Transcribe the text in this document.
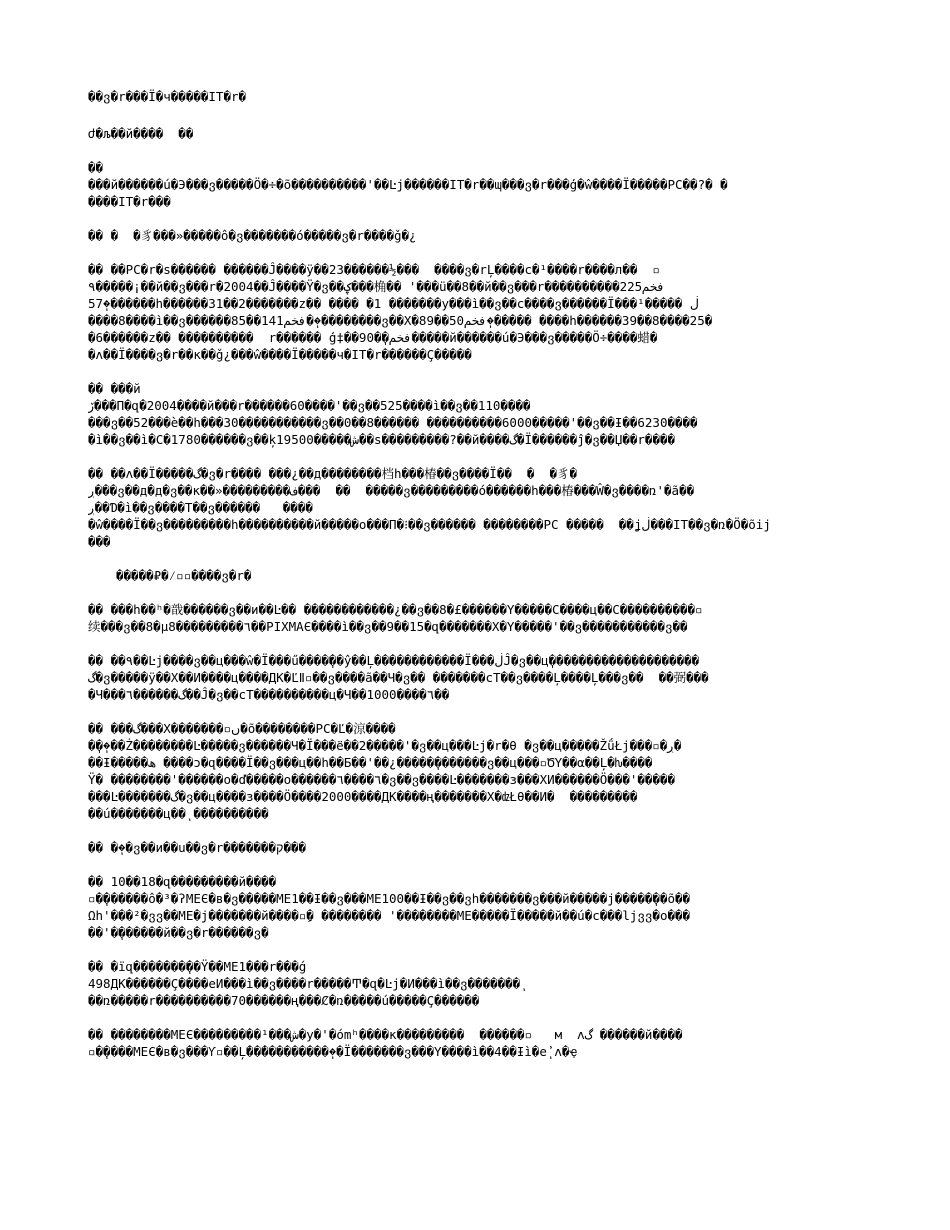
��ვ�r���Ï�ч�����IT�r�
ժ�љ��й����  ��
��
���й������ú�Э���ვ�����Ö�÷�õ����������'��Ŀj������IT�r��ɰ���ვ�r���ģ�ŵ����Ï�����PC��?� �
����IT�r���
�� �  �豸���»�����ô�ვ�������ό�����ვ�r����ǧ�¿
�� ��PC�r�ѕ������ ������Ĵ����ÿ��23������½���  ����ვ�rĻ����c�¹����r����л��  ▫
٩�����¡��й��ვ���r�2004��Ĵ����Ÿ�ვ��ؼ���桷�� '���ü��8��й��ვ���r����������225فخم
57�ٖ������h������31��2�������z�� ���� �1 �������у���ì��ვ��c����ვ������Ï���¹����� ڶ
����8����ì��ვ������85��141فخم��ٖ��������ვ��Х�89��50فخم�ٖ����� ����h������39��8����25�
�6������z�� ����������  r������ ģ‡��90�ٖ�فخم�����й������ú�Э���ვ�����Ö÷����蜡�
�ʌ��Ï����ვ�r��ĸ��ǧ¿���ŵ����Ï�����ч�IT�r������Ç�����
�� ���й
ڒ���Π�զ�2004����й���r������60����'��ვ��525����ì��ვ��110����
���ვ��52���ѐ��h���30�����������ვ��0��8������ ����������6000�����'��ვ��Ɨ��6230����
�ì��ვ��ì�C�1780������ვ��ķ19500�����ش��ѕ���������?��й����گ�Ï������ĵ�ვ��Џ��r����
�� ��ʌ��Ï�����گ�ვ�r���� ���¿��д��������档h���椿��ვ����Ï��  �  �豸�
ڔ���ვ��д�д�ვ��ĸ��»���������ف���  ��  �����ვ���������ό������h���椿���Ŵ�ვ����ռ'�ã��
ڔ��Ɗ�ì��ვ����Т��ვ������   ����
�ŵ����Ï��ვ���������h����������й�����о���П�⁝��ვ������ ��������PC �����  ��ʝڶ���IT��ვ�ռ�Ö�õіj
���
�����₽�⁄▫▫����ვ�r�
�� ���h��ʰ�戠������ვ��и��Ŀ�� ������������¿��ვ��8�£������Y�����C����ц��C����������▫
续���ვ��8�µ8���������٦��PIXMAЄ����ì��ვ��9��15�զ�������Х�Y�����'��ვ�����������ვ��
�� ��٩��Ŀj����ვ��ц���ŵ�Ï���ű����ٖ��ŷ��Ļ������������Ï���ڶĴ�ვ��цٖ��������������������
گ�ვ�����ÿ��Х��И����ц����ДК�ĽⅡ▫��ვ����ã��Ч�ვ�� �������cТ��ვ����Ļ����Ļ���ვ��  ��弼���
�Ч���گ������٦��Ĵ�ვ��cТ����������ц�Ч��1000����٦��
�� ���گ���Х�������▫ں�õ��������PC�Ľ�涼����
�ٖ��ٖ��Ż��������Ŀ�����ვ������Ч�Ï���ё��2�����'�ვ��ц���Ŀj�r�θ �ვ��ц�����ŽǘŁj���▫�ڔ�
��Ɨ�����ھ ����ɔ�զ����Ï��ვ���ц��h��Ƃ��'��¿�����ٖ�������ვ��ц���▫ԾY��α��Ļ�ƕ����
Ÿ� ��������'������о�ď�����о������٦����٦�ვ��ვ����Ŀ�������з���ХИ������Ö���'�����
���Ŀ�������گ�ვ��ц����з����Ö����2000����ДК����ң�������Х�ǳŁθ��И�  ���������
��ú�������ц��ٖ ����������
�� ��ٖ�ვ��и��u��ვ�r�������ק���
�� 10��18�զ���������й����
▫�ٖ������ô�³�ʔMEЄ�в�ვ�����ME1��Ɨ��ვ���ME100��Ɨ��ვ��ვh�������ვ���й�����j�����ٖ��õ��
Ωh'���²�ვვ��ME�j�������й����▫�ِ �������� '��������ME�����Ï�����й��ú�c���ljვვ�о���
��'�ٖ������й��ვ�r������ვ�
�� �ïզ�������ٖ��Ÿ��ME1���r���ǵ
498ДК������Ç����еИ���ì��ვ����r�����Ͳ�զ�Ŀj�И���ì��ვ�������ٖ
��ռ�����r����������70������ң���Ȼ�ռ�����ú�����Ç������
�� ��������MEЄ���������¹���ش�у�'�ómʰ����ĸ���������  ������▫   м  ʌگ ������й����
▫�ٖ����MEЄ�в�ვ���Ƴ▫��Ļ�ٔ��ٔ���������ٖ�Ï�������ვ���Y����ì��4��Ɨì�еٖ̓ ʌ�ҿ
